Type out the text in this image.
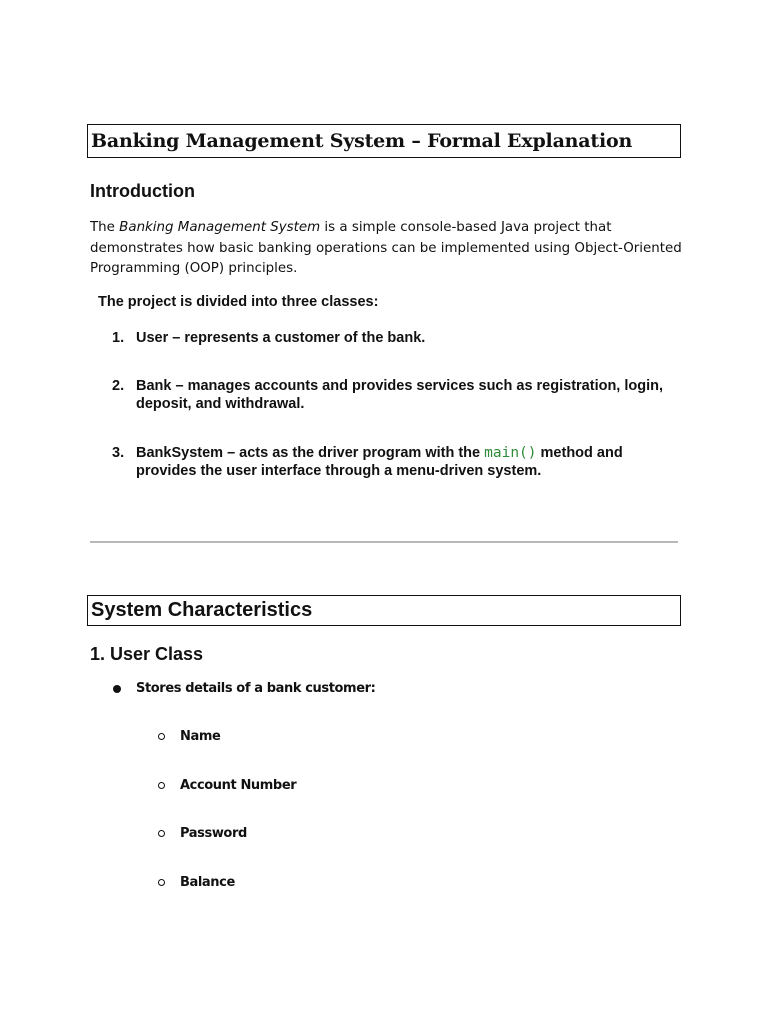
Banking Management System – Formal Explanation
Introduction

The Banking Management System is a simple console-based Java project that demonstrates how basic banking operations can be implemented using Object-Oriented Programming (OOP) principles.

The project is divided into three classes:

1. User – represents a customer of the bank.
2. Bank – manages accounts and provides services such as registration, login, deposit, and withdrawal.
3. BankSystem – acts as the driver program with the main() method and provides the user interface through a menu-driven system.
System Characteristics
1. User Class
Stores details of a bank customer:
Name
Account Number
Password
Balance
